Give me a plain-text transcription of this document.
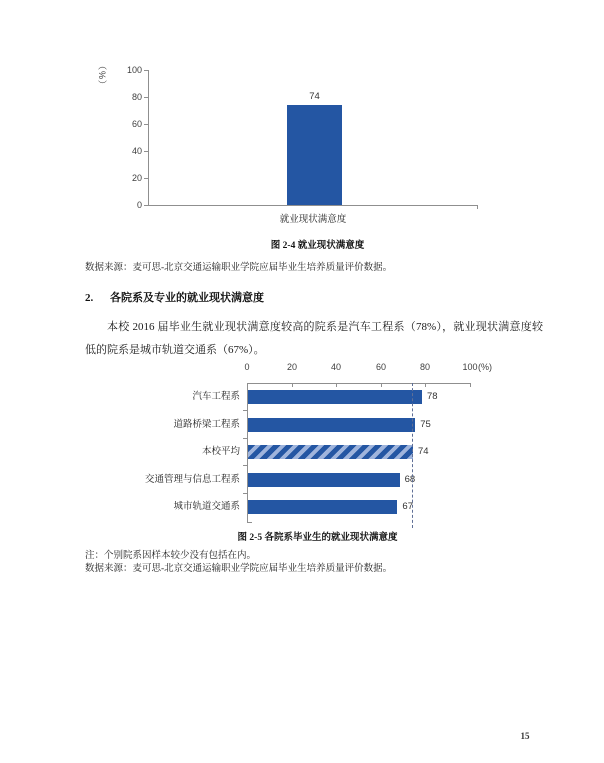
（%）	100
80
60
40
20
0
74
就业现状满意度
图 2-4 就业现状满意度
数据来源：麦可思-北京交通运输职业学院应届毕业生培养质量评价数据。
2. 各院系及专业的就业现状满意度
本校 2016 届毕业生就业现状满意度较高的院系是汽车工程系（78%），就业现状满意度较低的院系是城市轨道交通系（67%）。
0	20	40	60	80	100 (%)
汽车工程系	78
道路桥梁工程系	75
本校平均	74
交通管理与信息工程系	68
城市轨道交通系	67
图 2-5 各院系毕业生的就业现状满意度
注：个别院系因样本较少没有包括在内。
数据来源：麦可思-北京交通运输职业学院应届毕业生培养质量评价数据。
15
